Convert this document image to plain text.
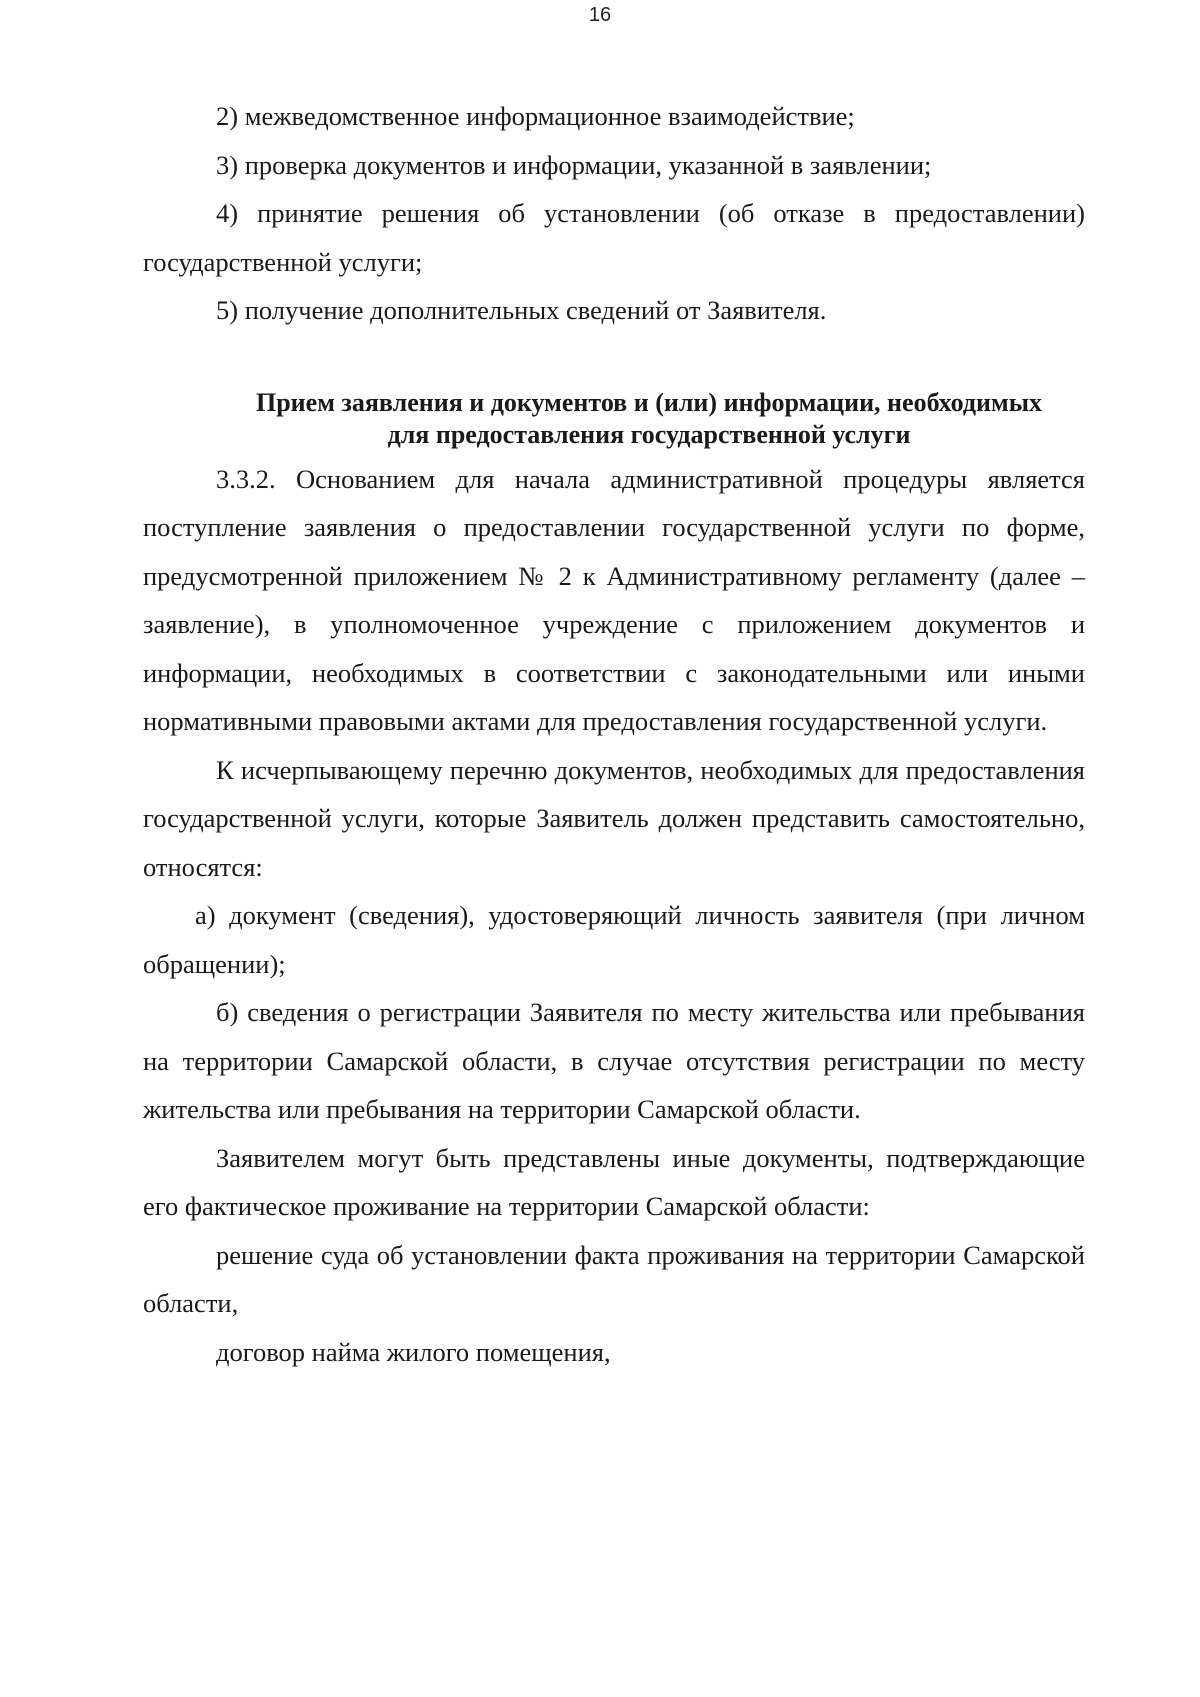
16

2) межведомственное информационное взаимодействие;

3) проверка документов и информации, указанной в заявлении;

4) принятие решения об установлении (об отказе в предоставлении) государственной услуги;

5) получение дополнительных сведений от Заявителя.

Прием заявления и документов и (или) информации, необходимых
для предоставления государственной услуги

3.3.2. Основанием для начала административной процедуры является поступление заявления о предоставлении государственной услуги по форме, предусмотренной приложением № 2 к Административному регламенту (далее – заявление), в уполномоченное учреждение с приложением документов и информации, необходимых в соответствии с законодательными или иными нормативными правовыми актами для предоставления государственной услуги.

К исчерпывающему перечню документов, необходимых для предоставления государственной услуги, которые Заявитель должен представить самостоятельно, относятся:

а) документ (сведения), удостоверяющий личность заявителя (при личном обращении);

б) сведения о регистрации Заявителя по месту жительства или пребывания на территории Самарской области, в случае отсутствия регистрации по месту жительства или пребывания на территории Самарской области.

Заявителем могут быть представлены иные документы, подтверждающие его фактическое проживание на территории Самарской области:

решение суда об установлении факта проживания на территории Самарской области,

договор найма жилого помещения,
